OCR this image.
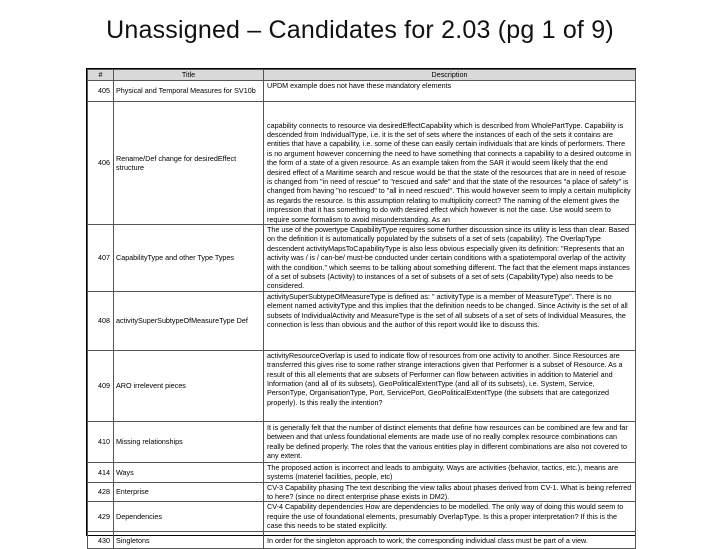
Unassigned – Candidates for 2.03 (pg 1 of 9)
#	Title	Description
405	Physical and Temporal Measures for SV10b	UPDM example does not have these mandatory elements
406	Rename/Def change for desiredEffect structure	capability connects to resource via desiredEffectCapability which is described from WholePartType. Capability is descended from IndividualType, i.e. it is the set of sets where the instances of each of the sets it contains are entities that have a capability, i.e. some of these can easily certain individuals that are kinds of performers. There is no argument however concerning the need to have something that connects a capability to a desired outcome in the form of a state of a given resource. As an example taken from the SAR it would seem likely that the end desired effect of a Maritime search and rescue would be that the state of the resources that are in need of rescue is changed from "in need of rescue" to "rescued and safe" and that the state of the resources "a place of safety" is changed from having "no rescued" to "all in need rescued". This would however seem to imply a certain multiplicity as regards the resource. Is this assumption relating to multiplicity correct? The naming of the element gives the impression that it has something to do with desired effect which however is not the case. Use would seem to require some formalism to avoid misunderstanding. As an
407	CapabilityType and other Type Types	The use of the powertype CapabilityType requires some further discussion since its utility is less than clear. Based on the definition it is automatically populated by the subsets of a set of sets (capability). The OverlapType descendent activityMapsToCapabilityType is also less obvious especially given its definition: "Represents that an activity was / is / can-be/ must-be conducted under certain conditions with a spatiotemporal overlap of the activity with the condition." which seems to be talking about something different. The fact that the element maps instances of a set of subsets (Activity) to instances of a set of subsets of a set of sets (CapabilityType) also needs to be considered.
408	activitySuperSubtypeOfMeasureType Def	activitySuperSubtypeOfMeasureType is defined as: " activityType is a member of MeasureType". There is no element named activityType and this implies that the definition needs to be changed. Since Activity is the set of all subsets of IndividualActivity and MeasureType is the set of all subsets of a set of sets of Individual Measures, the connection is less than obvious and the author of this report would like to discuss this.
409	ARO irrelevent pieces	activityResourceOverlap is used to indicate flow of resources from one activity to another. Since Resources are transferred this gives rise to some rather strange interactions given that Performer is a subset of Resource. As a result of this all elements that are subsets of Performer can flow between activities in addition to Materiel and Information (and all of its subsets), GeoPoliticalExtentType (and all of its subsets), i.e. System, Service, PersonType, OrganisationType, Port, ServicePort, GeoPoliticalExtentType (the subsets that are categorized properly). Is this really the intention?
410	Missing relationships	It is generally felt that the number of distinct elements that define how resources can be combined are few and far between and that unless foundational elements are made use of no really complex resource combinations can really be defined properly. The roles that the various entities play in different combinations are also not covered to any extent.
414	Ways	The proposed action is incorrect and leads to ambiguity. Ways are activities (behavior, tactics, etc.), means are systems (materiel facilities, people, etc)
428	Enterprise	CV-3 Capability phasing The text describing the view talks about phases derived from CV-1. What is being referred to here? (since no direct enterprise phase exists in DM2).
429	Dependencies	CV-4 Capability dependencies How are dependencies to be modelled. The only way of doing this would seem to require the use of foundational elements, presumably OverlapType. Is this a proper interpretation? If this is the case this needs to be stated explicitly.
430	Singletons	In order for the singleton approach to work, the corresponding individual class must be part of a view.
